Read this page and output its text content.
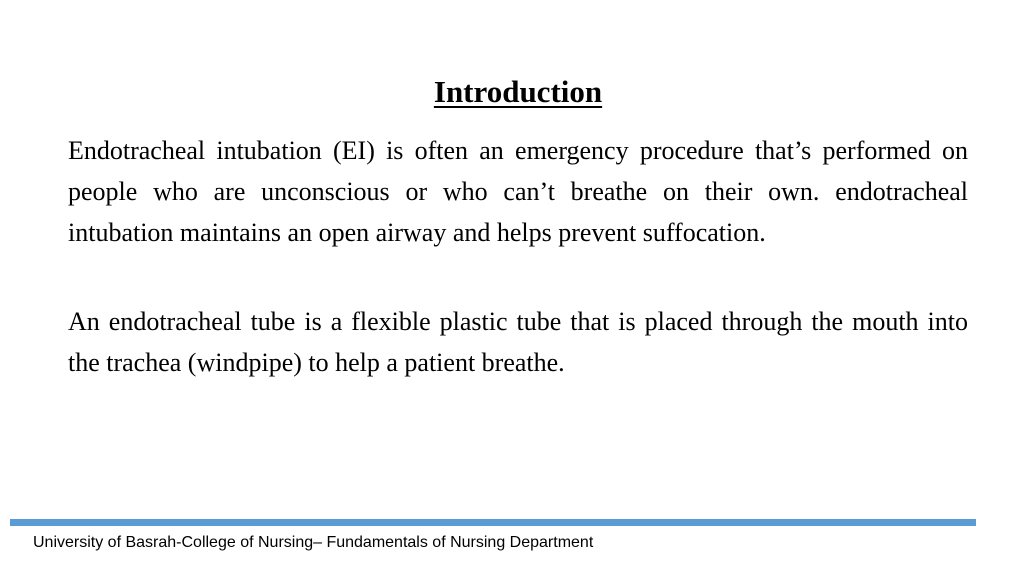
Introduction

Endotracheal intubation (EI) is often an emergency procedure that’s performed on people who are unconscious or who can’t breathe on their own. endotracheal intubation maintains an open airway and helps prevent suffocation.

An endotracheal tube is a flexible plastic tube that is placed through the mouth into the trachea (windpipe) to help a patient breathe.

University of Basrah-College of Nursing– Fundamentals of Nursing Department
